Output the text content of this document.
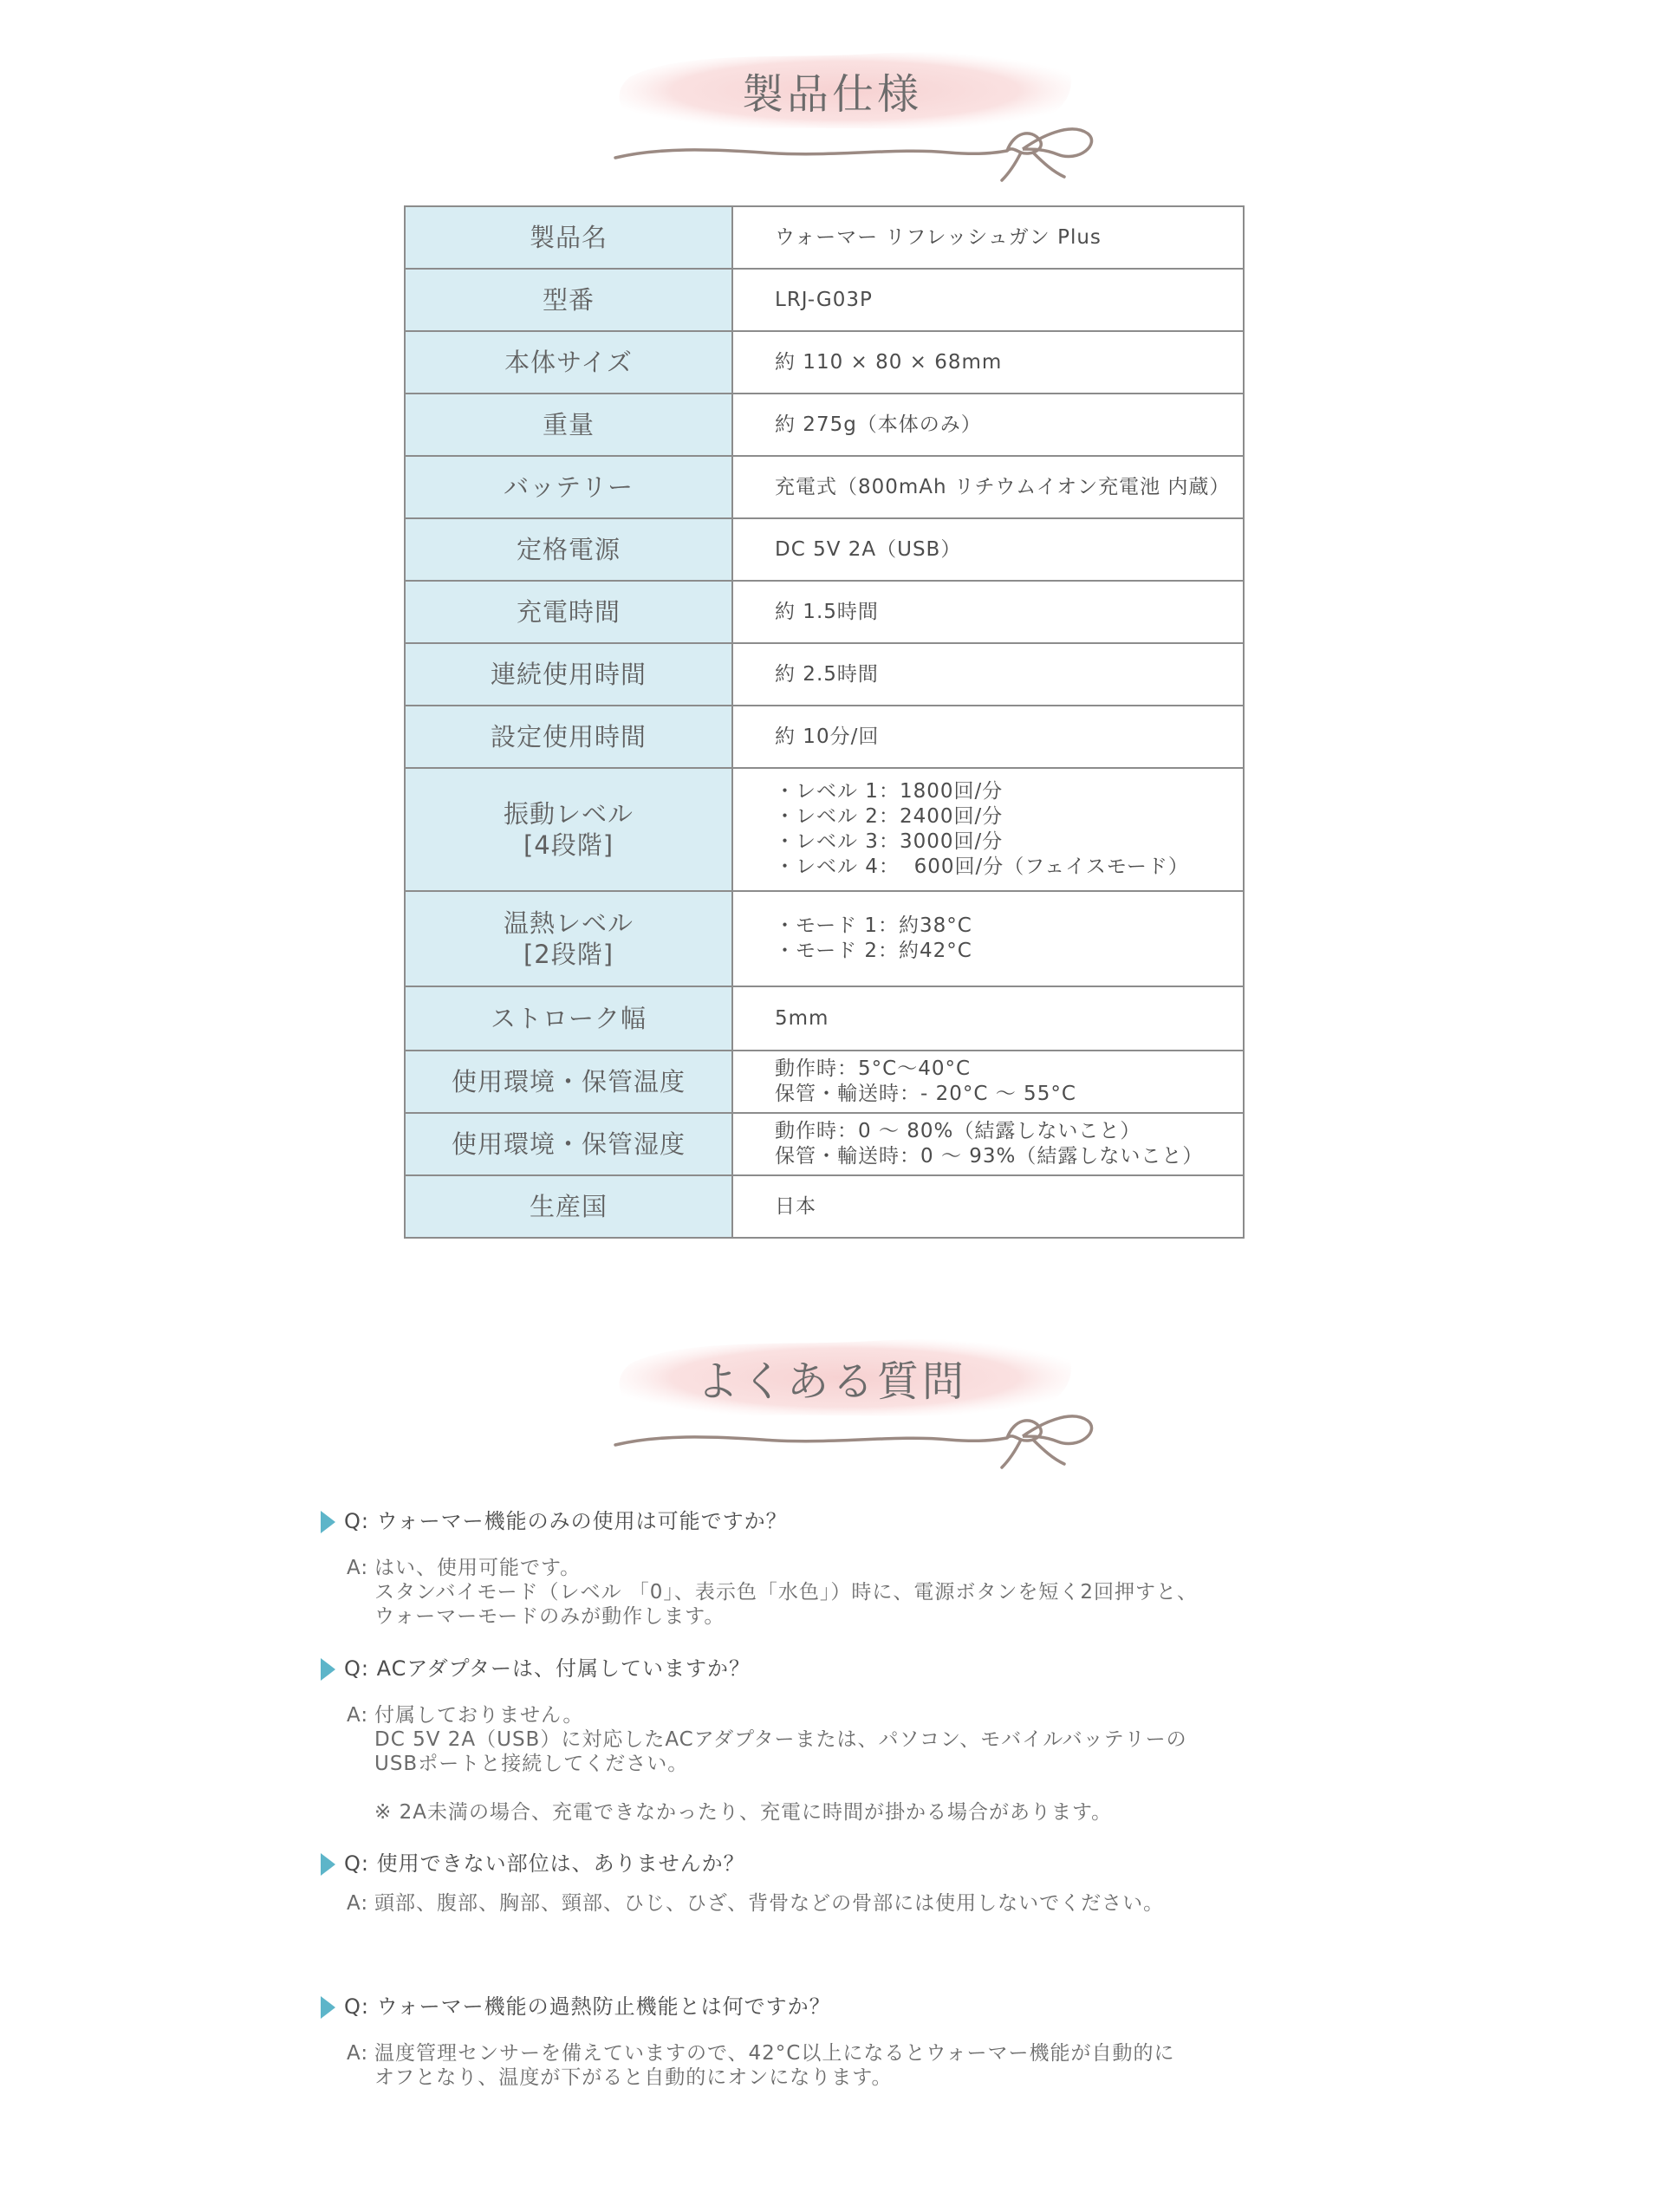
製品仕様
製品名	ウォーマー リフレッシュガン Plus

型番	LRJ-G03P

本体サイズ	約 110 × 80 × 68mm

重量	約 275g（本体のみ）

バッテリー	充電式（800mAh リチウムイオン充電池 内蔵）

定格電源	DC 5V 2A（USB）

充電時間	約 1.5時間

連続使用時間	約 2.5時間

設定使用時間	約 10分/回

振動レベル
[4段階]	・レベル 1：1800回/分
・レベル 2：2400回/分
・レベル 3：3000回/分
・レベル 4：  600回/分（フェイスモード）

温熱レベル
[2段階]	・モード 1：約38°C
・モード 2：約42°C

ストローク幅	5mm

使用環境・保管温度	動作時：5°C〜40°C
保管・輸送時：- 20°C 〜 55°C

使用環境・保管湿度	動作時：0 〜 80%（結露しないこと）
保管・輸送時：0 〜 93%（結露しないこと）

生産国	日本
よくある質問
Q: ウォーマー機能のみの使用は可能ですか？
A: はい、使用可能です。
スタンバイモード（レベル 「0」、表示色「水色」）時に、電源ボタンを短く2回押すと、
ウォーマーモードのみが動作します。
Q: ACアダプターは、付属していますか？
A: 付属しておりません。
DC 5V 2A（USB）に対応したACアダプターまたは、パソコン、モバイルバッテリーの
USBポートと接続してください。

※ 2A未満の場合、充電できなかったり、充電に時間が掛かる場合があります。
Q: 使用できない部位は、ありませんか？
A: 頭部、腹部、胸部、頸部、ひじ、ひざ、背骨などの骨部には使用しないでください。
Q: ウォーマー機能の過熱防止機能とは何ですか？
A: 温度管理センサーを備えていますので、42°C以上になるとウォーマー機能が自動的に
オフとなり、温度が下がると自動的にオンになります。
